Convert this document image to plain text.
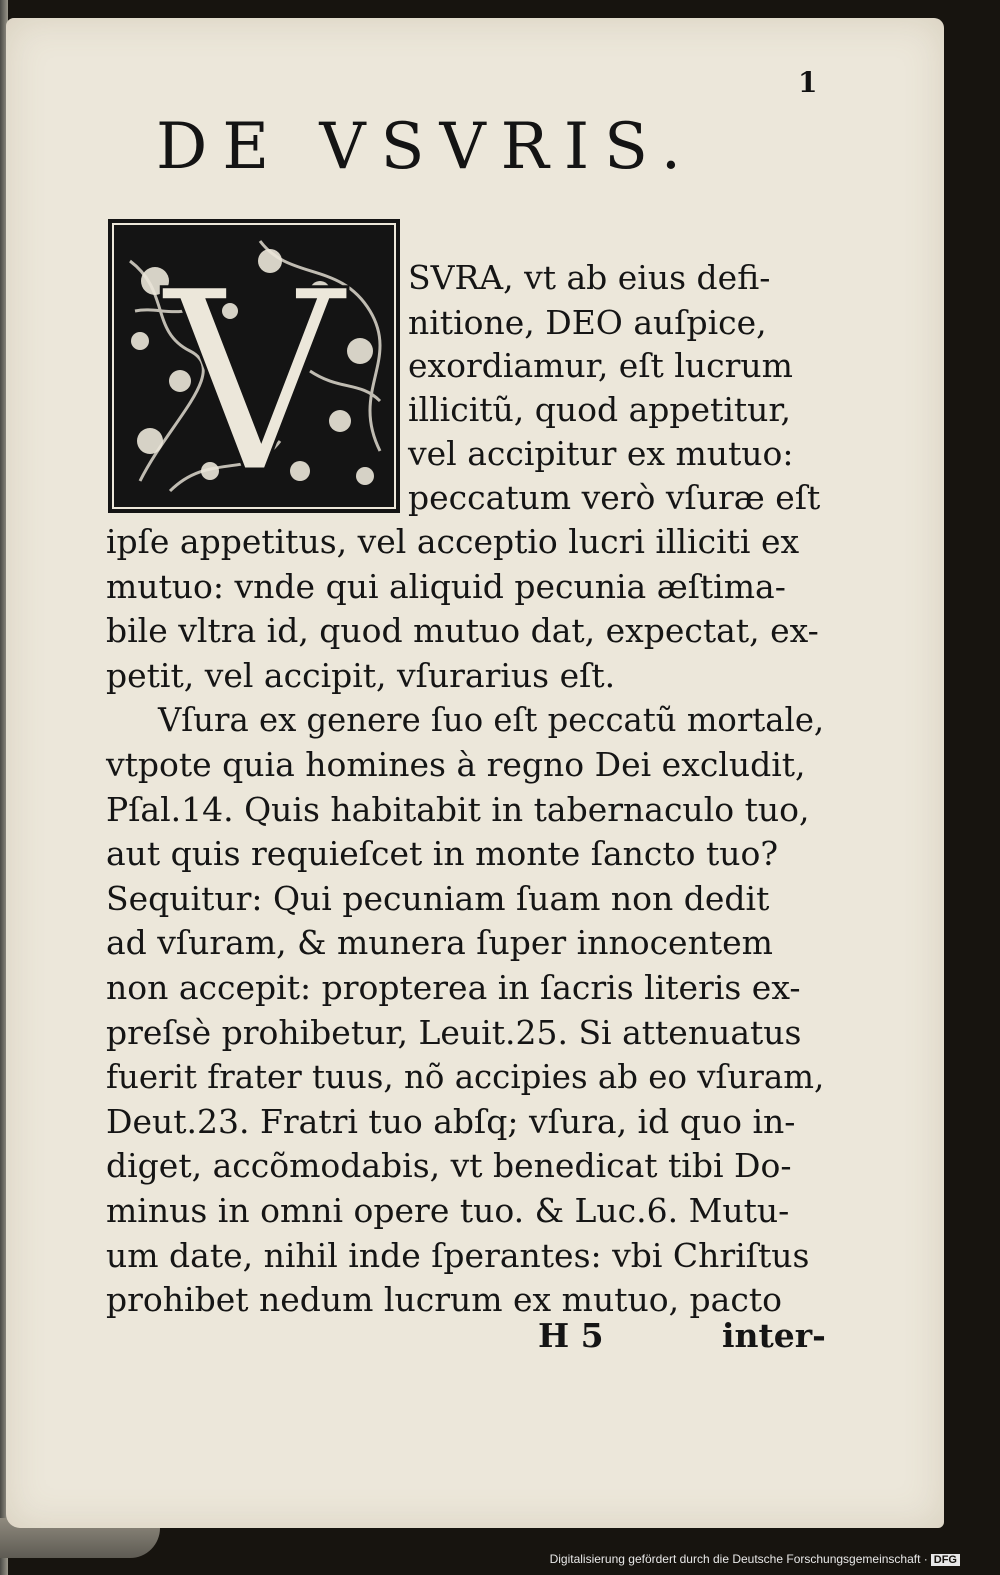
1
DE VSVRIS.
V SVRA, vt ab eius defi-
nitione, DEO auſpice,
exordiamur, eſt lucrum
illicitũ, quod appetitur,
vel accipitur ex mutuo:
peccatum verò vſuræ eſt
ipſe appetitus, vel acceptio lucri illiciti ex
mutuo: vnde qui aliquid pecunia æſtima-
bile vltra id, quod mutuo dat, expectat, ex-
petit, vel accipit, vſurarius eſt.
Vſura ex genere ſuo eſt peccatũ mortale,
vtpote quia homines à regno Dei excludit,
Pſal.14. Quis habitabit in tabernaculo tuo,
aut quis requieſcet in monte ſancto tuo?
Sequitur: Qui pecuniam ſuam non dedit
ad vſuram, & munera ſuper innocentem
non accepit: propterea in ſacris literis ex-
preſsè prohibetur, Leuit.25. Si attenuatus
fuerit frater tuus, nõ accipies ab eo vſuram,
Deut.23. Fratri tuo abſq; vſura, id quo in-
diget, accõmodabis, vt benedicat tibi Do-
minus in omni opere tuo. & Luc.6. Mutu-
um date, nihil inde ſperantes: vbi Chriſtus
prohibet nedum lucrum ex mutuo, pacto
H 5	inter-
Digitalisierung gefördert durch die Deutsche Forschungsgemeinschaft · DFG
